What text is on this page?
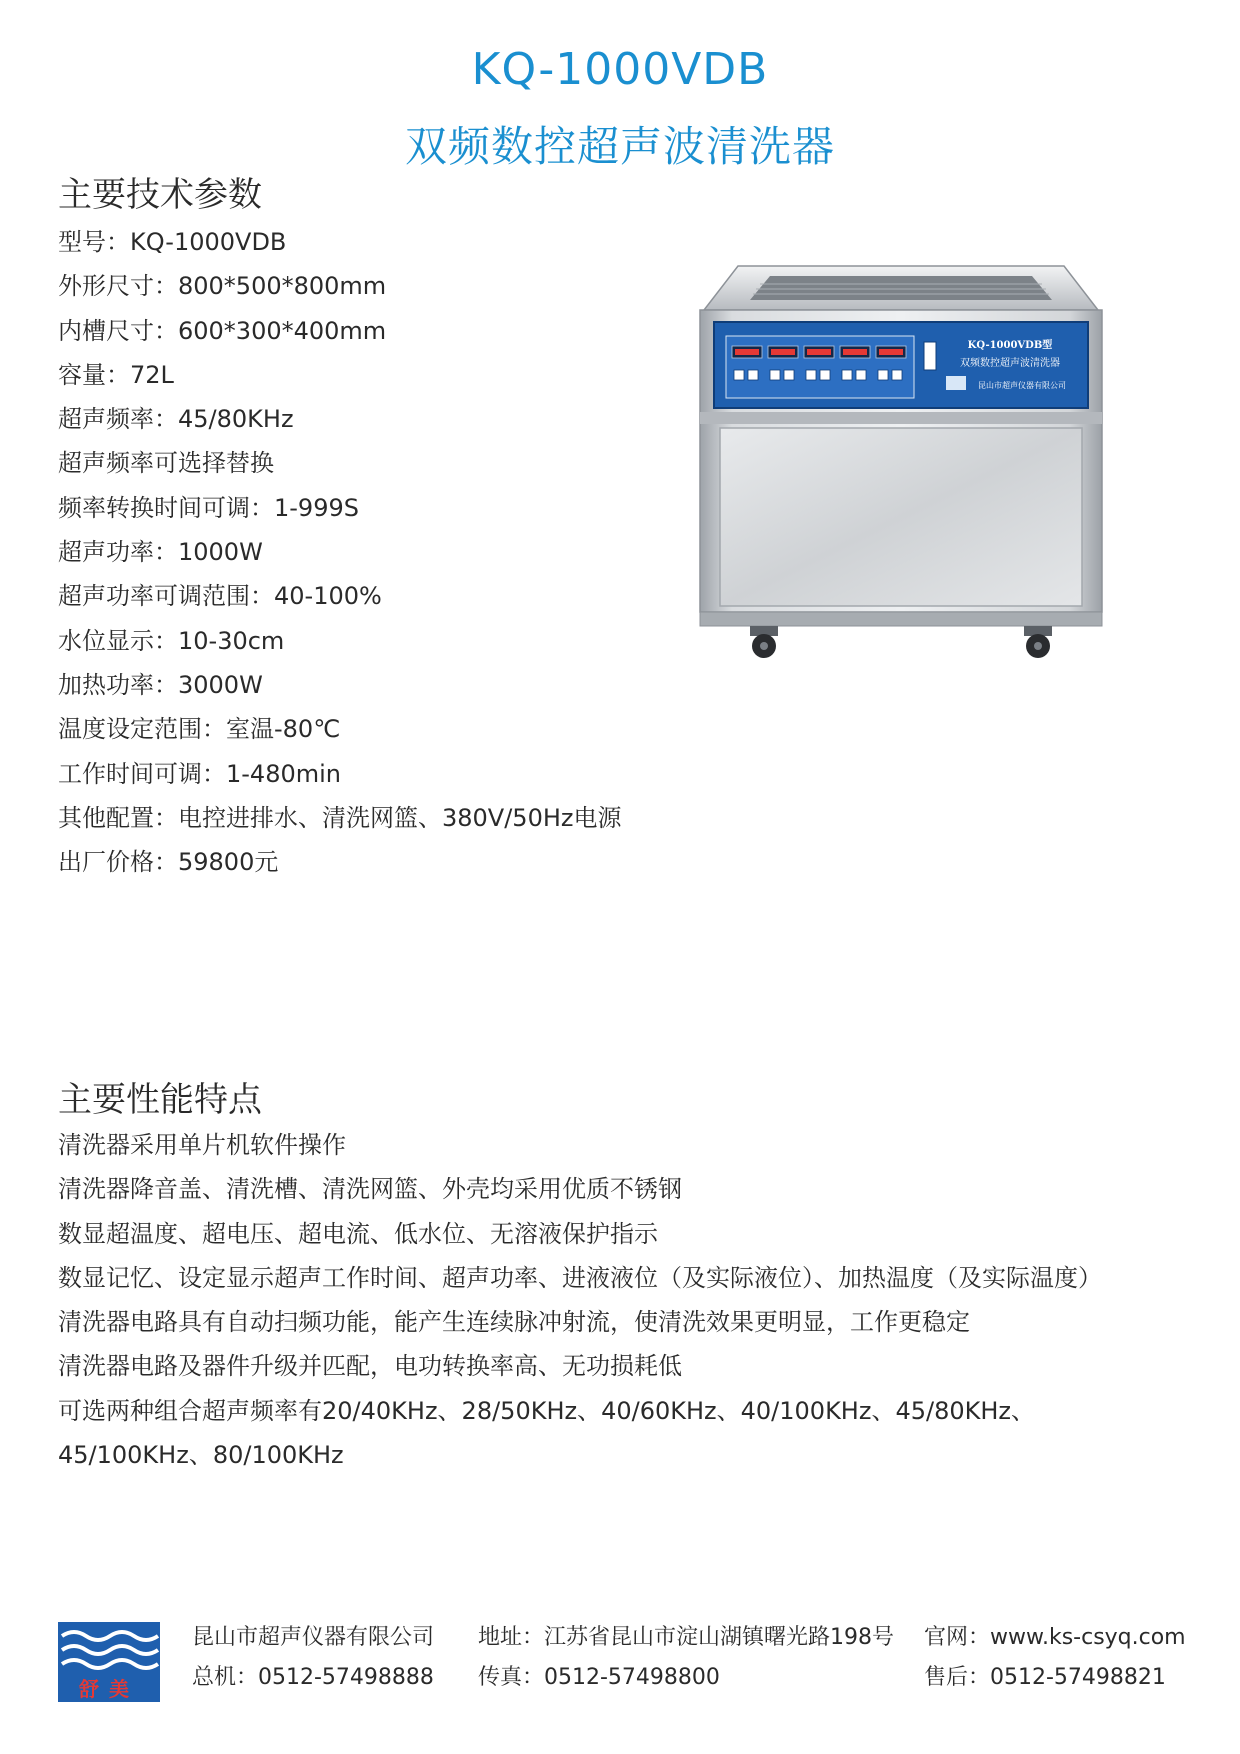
KQ-1000VDB
双频数控超声波清洗器
主要技术参数
型号：KQ-1000VDB
外形尺寸：800*500*800mm
内槽尺寸：600*300*400mm
容量：72L
超声频率：45/80KHz
超声频率可选择替换
频率转换时间可调：1-999S
超声功率：1000W
超声功率可调范围：40-100%
水位显示：10-30cm
加热功率：3000W
温度设定范围：室温-80℃
工作时间可调：1-480min
其他配置：电控进排水、清洗网篮、380V/50Hz电源
出厂价格：59800元
KQ-1000VDB型
双频数控超声波清洗器
昆山市超声仪器有限公司
主要性能特点
清洗器采用单片机软件操作
清洗器降音盖、清洗槽、清洗网篮、外壳均采用优质不锈钢
数显超温度、超电压、超电流、低水位、无溶液保护指示
数显记忆、设定显示超声工作时间、超声功率、进液液位（及实际液位）、加热温度（及实际温度）
清洗器电路具有自动扫频功能，能产生连续脉冲射流，使清洗效果更明显，工作更稳定
清洗器电路及器件升级并匹配，电功转换率高、无功损耗低
可选两种组合超声频率有20/40KHz、28/50KHz、40/60KHz、40/100KHz、45/80KHz、
45/100KHz、80/100KHz
舒美
昆山市超声仪器有限公司
总机：0512-57498888
地址：江苏省昆山市淀山湖镇曙光路198号
传真：0512-57498800
官网：www.ks-csyq.com
售后：0512-57498821
